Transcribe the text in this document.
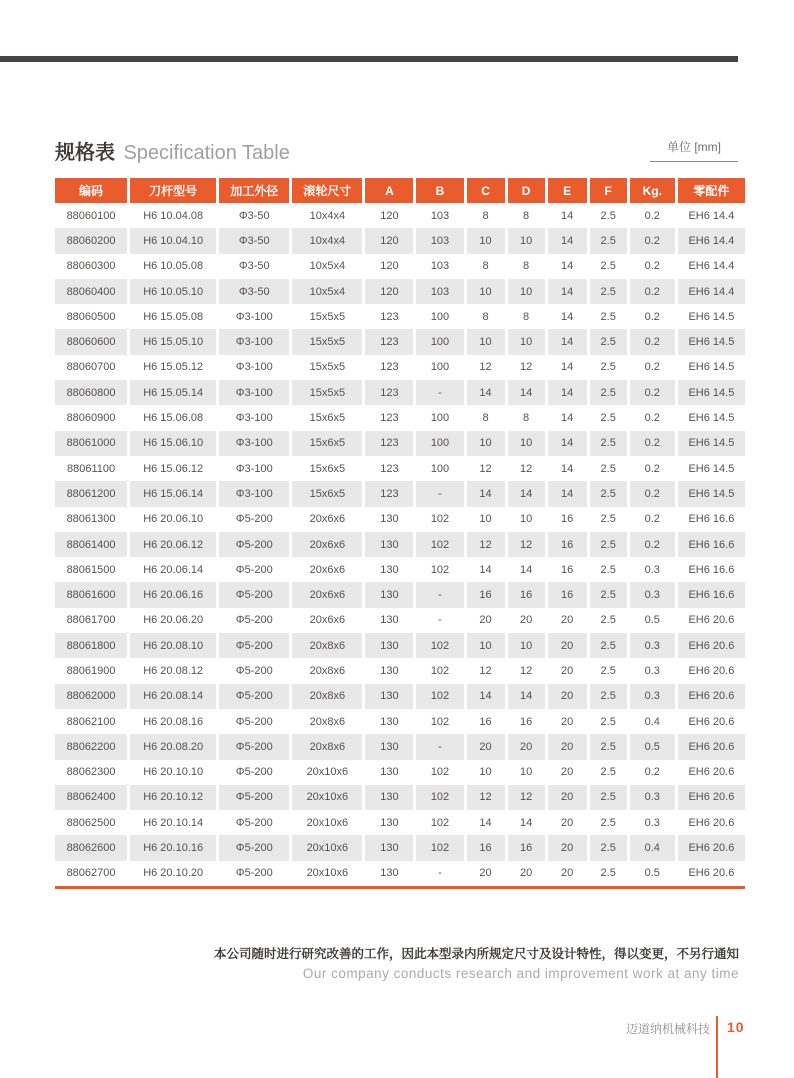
规格表 Specification Table	单位 [mm]
编码	刀杆型号	加工外径	滚轮尺寸	A	B	C	D	E	F	Kg.	零配件
88060100	H6 10.04.08	Φ3-50	10x4x4	120	103	8	8	14	2.5	0.2	EH6 14.4
88060200	H6 10.04.10	Φ3-50	10x4x4	120	103	10	10	14	2.5	0.2	EH6 14.4
88060300	H6 10.05.08	Φ3-50	10x5x4	120	103	8	8	14	2.5	0.2	EH6 14.4
88060400	H6 10.05.10	Φ3-50	10x5x4	120	103	10	10	14	2.5	0.2	EH6 14.4
88060500	H6 15.05.08	Φ3-100	15x5x5	123	100	8	8	14	2.5	0.2	EH6 14.5
88060600	H6 15.05.10	Φ3-100	15x5x5	123	100	10	10	14	2.5	0.2	EH6 14.5
88060700	H6 15.05.12	Φ3-100	15x5x5	123	100	12	12	14	2.5	0.2	EH6 14.5
88060800	H6 15.05.14	Φ3-100	15x5x5	123	-	14	14	14	2.5	0.2	EH6 14.5
88060900	H6 15.06.08	Φ3-100	15x6x5	123	100	8	8	14	2.5	0.2	EH6 14.5
88061000	H6 15.06.10	Φ3-100	15x6x5	123	100	10	10	14	2.5	0.2	EH6 14.5
88061100	H6 15.06.12	Φ3-100	15x6x5	123	100	12	12	14	2.5	0.2	EH6 14.5
88061200	H6 15.06.14	Φ3-100	15x6x5	123	-	14	14	14	2.5	0.2	EH6 14.5
88061300	H6 20.06.10	Φ5-200	20x6x6	130	102	10	10	16	2.5	0.2	EH6 16.6
88061400	H6 20.06.12	Φ5-200	20x6x6	130	102	12	12	16	2.5	0.2	EH6 16.6
88061500	H6 20.06.14	Φ5-200	20x6x6	130	102	14	14	16	2.5	0.3	EH6 16.6
88061600	H6 20.06.16	Φ5-200	20x6x6	130	-	16	16	16	2.5	0.3	EH6 16.6
88061700	H6 20.06.20	Φ5-200	20x6x6	130	-	20	20	20	2.5	0.5	EH6 20.6
88061800	H6 20.08.10	Φ5-200	20x8x6	130	102	10	10	20	2.5	0.3	EH6 20.6
88061900	H6 20.08.12	Φ5-200	20x8x6	130	102	12	12	20	2.5	0.3	EH6 20.6
88062000	H6 20.08.14	Φ5-200	20x8x6	130	102	14	14	20	2.5	0.3	EH6 20.6
88062100	H6 20.08.16	Φ5-200	20x8x6	130	102	16	16	20	2.5	0.4	EH6 20.6
88062200	H6 20.08.20	Φ5-200	20x8x6	130	-	20	20	20	2.5	0.5	EH6 20.6
88062300	H6 20.10.10	Φ5-200	20x10x6	130	102	10	10	20	2.5	0.2	EH6 20.6
88062400	H6 20.10.12	Φ5-200	20x10x6	130	102	12	12	20	2.5	0.3	EH6 20.6
88062500	H6 20.10.14	Φ5-200	20x10x6	130	102	14	14	20	2.5	0.3	EH6 20.6
88062600	H6 20.10.16	Φ5-200	20x10x6	130	102	16	16	20	2.5	0.4	EH6 20.6
88062700	H6 20.10.20	Φ5-200	20x10x6	130	-	20	20	20	2.5	0.5	EH6 20.6
本公司随时进行研究改善的工作，因此本型录内所规定尺寸及设计特性，得以变更，不另行通知
Our company conducts research and improvement work at any time
迈道纳机械科技 10
